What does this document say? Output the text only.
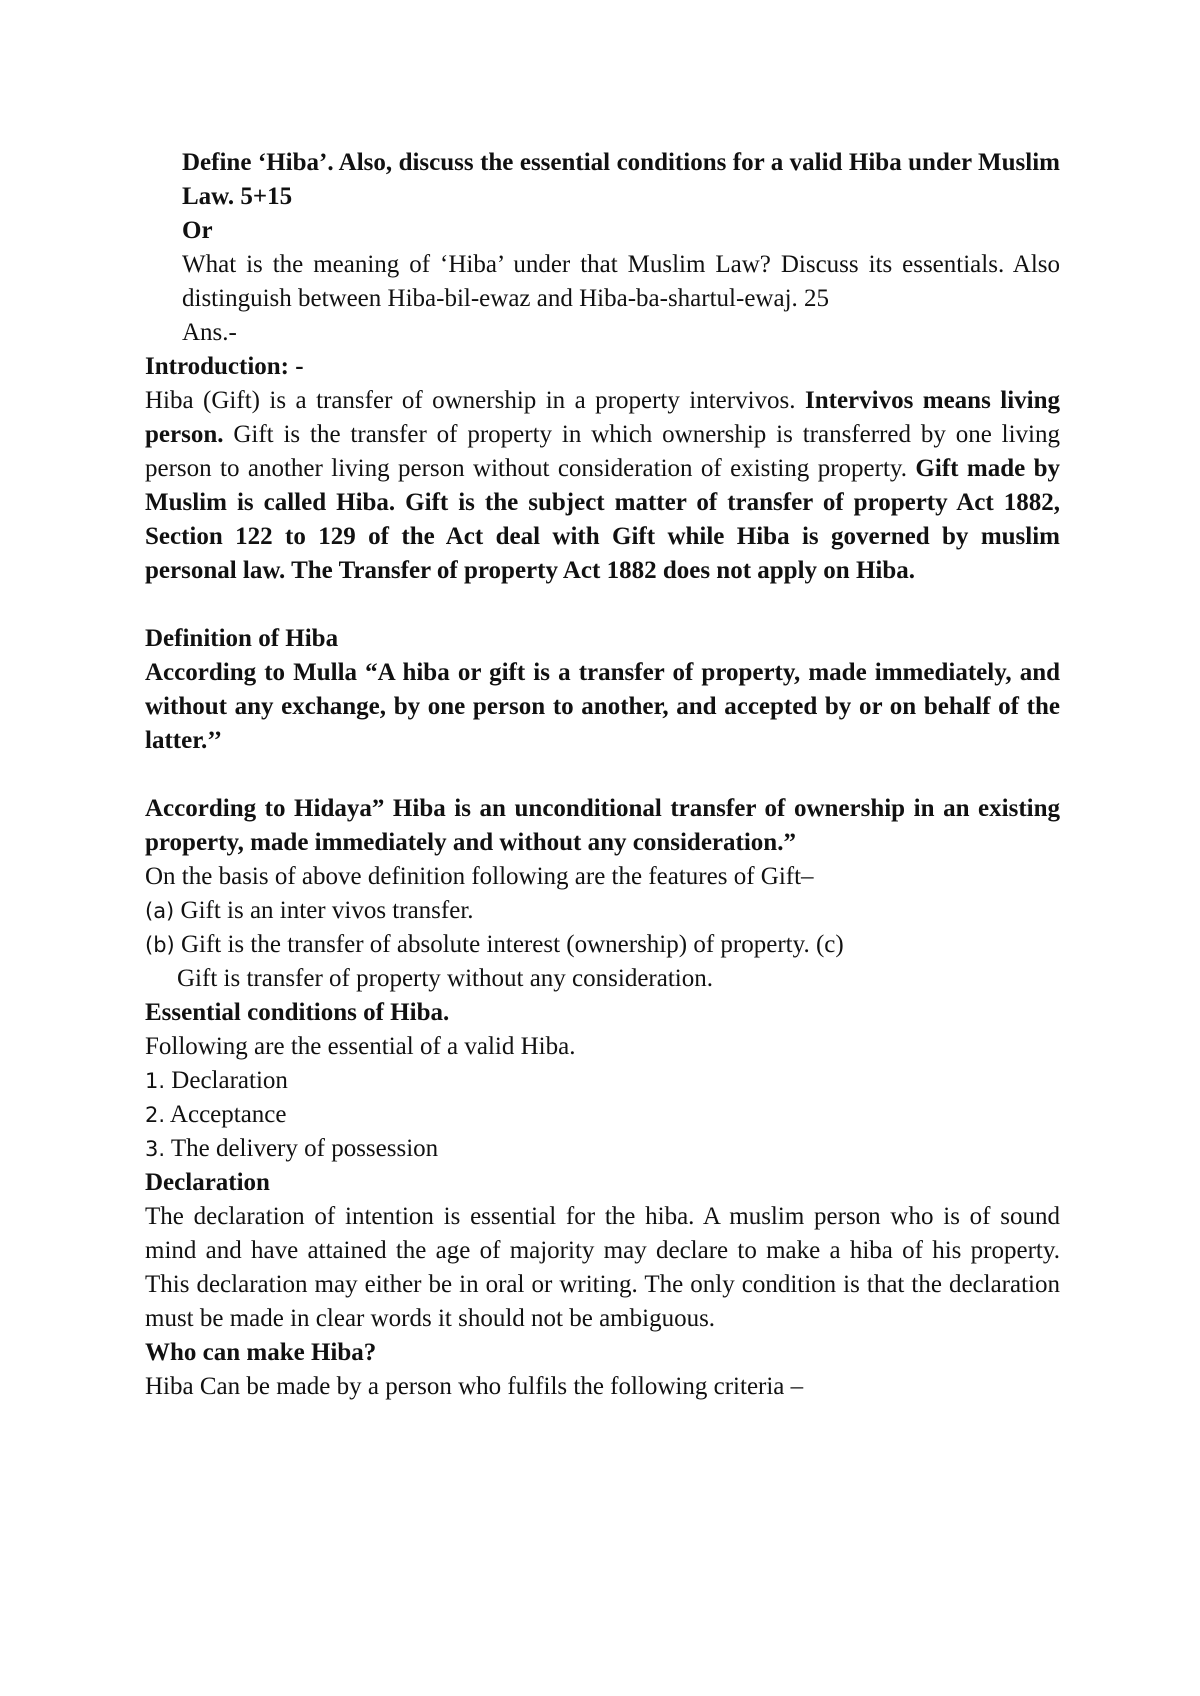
Define ‘Hiba’. Also, discuss the essential conditions for a valid Hiba under Muslim Law. 5+15

Or

What is the meaning of ‘Hiba’ under that Muslim Law? Discuss its essentials. Also distinguish between Hiba-bil-ewaz and Hiba-ba-shartul-ewaj. 25

Ans.-

Introduction: -

Hiba (Gift) is a transfer of ownership in a property intervivos. Intervivos means living person. Gift is the transfer of property in which ownership is transferred by one living person to another living person without consideration of existing property. Gift made by Muslim is called Hiba. Gift is the subject matter of transfer of property Act 1882, Section 122 to 129 of the Act deal with Gift while Hiba is governed by muslim personal law. The Transfer of property Act 1882 does not apply on Hiba.

Definition of Hiba

According to Mulla “A hiba or gift is a transfer of property, made immediately, and without any exchange, by one person to another, and accepted by or on behalf of the latter.’’

According to Hidaya” Hiba is an unconditional transfer of ownership in an existing property, made immediately and without any consideration.”

On the basis of above definition following are the features of Gift–

(a) Gift is an inter vivos transfer.

(b) Gift is the transfer of absolute interest (ownership) of property. (c)

Gift is transfer of property without any consideration.

Essential conditions of Hiba.

Following are the essential of a valid Hiba.

1. Declaration

2. Acceptance

3. The delivery of possession

Declaration

The declaration of intention is essential for the hiba. A muslim person who is of sound mind and have attained the age of majority may declare to make a hiba of his property. This declaration may either be in oral or writing. The only condition is that the declaration must be made in clear words it should not be ambiguous.

Who can make Hiba?

Hiba Can be made by a person who fulfils the following criteria –
